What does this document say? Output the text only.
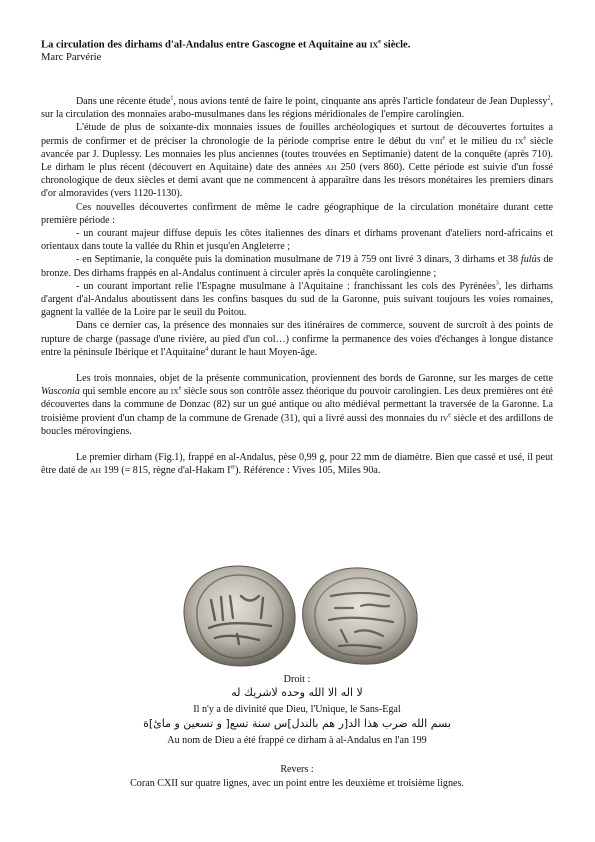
La circulation des dirhams d'al-Andalus entre Gascogne et Aquitaine au IXe siècle.
Marc Parvérie

Dans une récente étude$^1$, nous avions tenté de faire le point, cinquante ans après l'article fondateur de Jean Duplessy$^2$, sur la circulation des monnaies arabo-musulmanes dans les régions méridionales de l'empire carolingien.

L'étude de plus de soixante-dix monnaies issues de fouilles archéologiques et surtout de découvertes fortuites a permis de confirmer et de préciser la chronologie de la période comprise entre le début du VIIIe et le milieu du IXe siècle avancée par J. Duplessy. Les monnaies les plus anciennes (toutes trouvées en Septimanie) datent de la conquête (après 710). Le dirham le plus récent (découvert en Aquitaine) date des années AH 250 (vers 860). Cette période est suivie d'un fossé chronologique de deux siècles et demi avant que ne commencent à apparaître dans les trésors monétaires les premiers dinars d'or almoravides (vers 1120-1130).

Ces nouvelles découvertes confirment de même le cadre géographique de la circulation monétaire durant cette première période :

- un courant majeur diffuse depuis les côtes italiennes des dinars et dirhams provenant d'ateliers nord-africains et orientaux dans toute la vallée du Rhin et jusqu'en Angleterre ;

- en Septimanie, la conquête puis la domination musulmane de 719 à 759 ont livré 3 dinars, 3 dirhams et 38 fulûs de bronze. Des dirhams frappés en al-Andalus continuent à circuler après la conquête carolingienne ;

- un courant important relie l'Espagne musulmane à l'Aquitaine : franchissant les cols des Pyrénées$^3$, les dirhams d'argent d'al-Andalus aboutissent dans les confins basques du sud de la Garonne, puis suivant toujours les voies romaines, gagnent la vallée de la Loire par le seuil du Poitou.

Dans ce dernier cas, la présence des monnaies sur des itinéraires de commerce, souvent de surcroît à des points de rupture de charge (passage d'une rivière, au pied d'un col…) confirme la permanence des voies d'échanges à longue distance entre la péninsule Ibérique et l'Aquitaine$^4$ durant le haut Moyen-âge.

Les trois monnaies, objet de la présente communication, proviennent des bords de Garonne, sur les marges de cette Wasconia qui semble encore au IXe siècle sous son contrôle assez théorique du pouvoir carolingien. Les deux premières ont été découvertes dans la commune de Donzac (82) sur un gué antique ou alto médiéval permettant la traversée de la Garonne. La troisième provient d'un champ de la commune de Grenade (31), qui a livré aussi des monnaies du IVe siècle et des ardillons de boucles mérovingiens.

Le premier dirham (Fig.1), frappé en al-Andalus, pèse 0,99 g, pour 22 mm de diamètre. Bien que cassé et usé, il peut être daté de AH 199 (= 815, règne d'al-Hakam Ier). Référence : Vives 105, Miles 90a.

Droit :
لا اله الا الله وحده لاشريك له
Il n'y a de divinité que Dieu, l'Unique, le Sans-Egal
بسم الله ضرب هذا الد[ر هم بالندل]س سنة تسع[ و تسعين و مائ]ة
Au nom de Dieu a été frappé ce dirham à al-Andalus en l'an 199
Revers :
Coran CXII sur quatre lignes, avec un point entre les deuxième et troisième lignes.
